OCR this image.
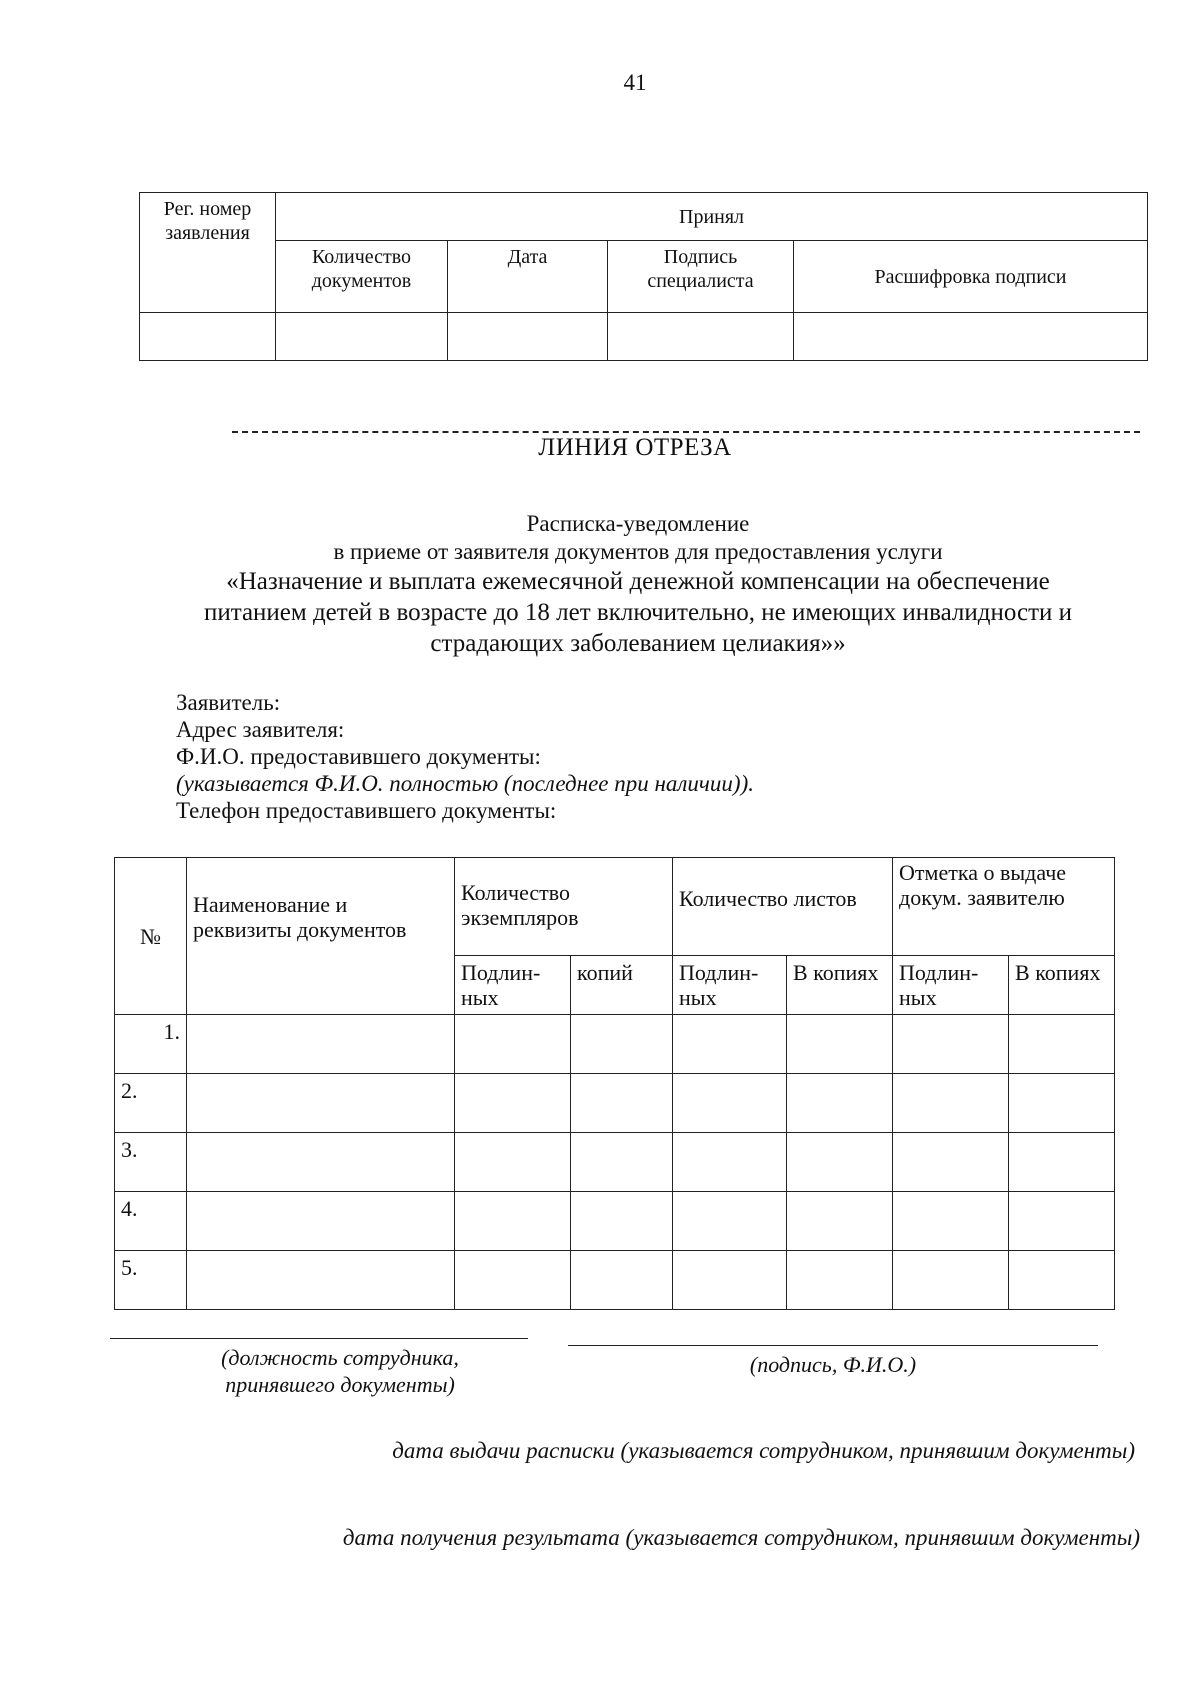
41
Рег. номер заявления	Принял			
	Количество документов	Дата	Подпись специалиста	Расшифровка подписи

ЛИНИЯ ОТРЕЗА
Расписка-уведомление
в приеме от заявителя документов для предоставления услуги
«Назначение и выплата ежемесячной денежной компенсации на обеспечение
питанием детей в возрасте до 18 лет включительно, не имеющих инвалидности и
страдающих заболеванием целиакия»»
Заявитель:
Адрес заявителя:
Ф.И.О. предоставившего документы:
(указывается Ф.И.О. полностью (последнее при наличии)).
Телефон предоставившего документы:
№	Наименование и реквизиты документов	Количество экземпляров		Количество листов		Отметка о выдаче докум. заявителю	
		Подлин-ных	копий	Подлин-ных	В копиях	Подлин-ных	В копиях
1.							
2.							
3.							
4.							
5.							
(должность сотрудника, принявшего документы)
(подпись, Ф.И.О.)
дата выдачи расписки (указывается сотрудником, принявшим документы)
дата получения результата (указывается сотрудником, принявшим документы)
